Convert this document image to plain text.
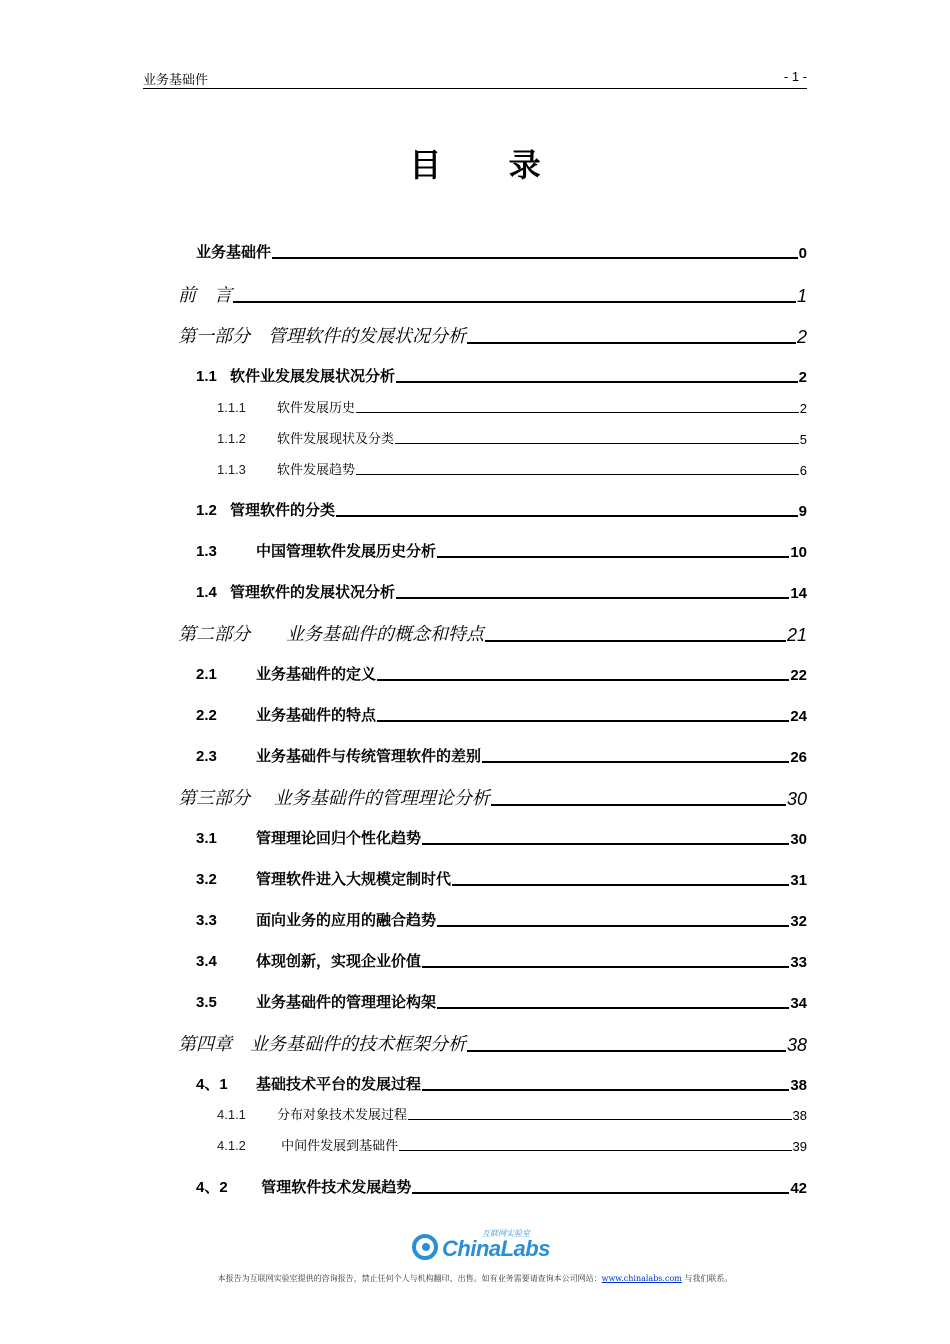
业务基础件	- 1 -
目 录
业务基础件	0
前　言	1
第一部分　管理软件的发展状况分析	2
1.1 软件业发展发展状况分析	2
1.1.1 软件发展历史	2
1.1.2 软件发展现状及分类	5
1.1.3 软件发展趋势	6
1.2 管理软件的分类	9
1.3	中国管理软件发展历史分析	10
1.4 管理软件的发展状况分析	14
第二部分　　业务基础件的概念和特点	21
2.1	业务基础件的定义	22
2.2	业务基础件的特点	24
2.3	业务基础件与传统管理软件的差别	26
第三部分　 业务基础件的管理理论分析	30
3.1	管理理论回归个性化趋势	30
3.2	管理软件进入大规模定制时代	31
3.3	面向业务的应用的融合趋势	32
3.4	体现创新，实现企业价值	33
3.5	业务基础件的管理理论构架	34
第四章　业务基础件的技术框架分析	38
4、1 基础技术平台的发展过程	38
4.1.1 分布对象技术发展过程	38
4.1.2 中间件发展到基础件	39
4、2 管理软件技术发展趋势	42
互联网实验室
ChinaLabs
本报告为互联网实验室提供的咨询报告，禁止任何个人与机构翻印、出售。如有业务需要请查询本公司网站：www.chinalabs.com 与我们联系。
